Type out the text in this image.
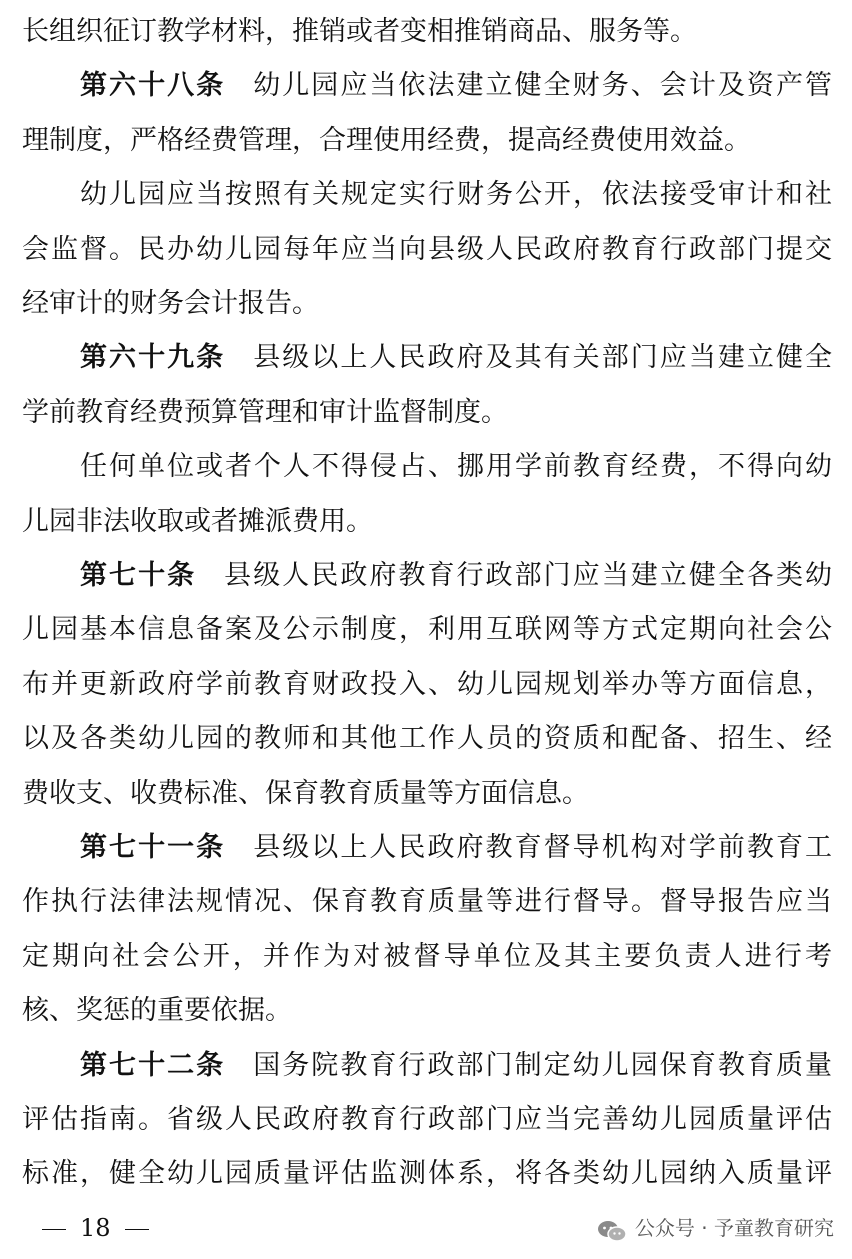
长组织征订教学材料，推销或者变相推销商品、服务等。
第六十八条 幼儿园应当依法建立健全财务、会计及资产管
理制度，严格经费管理，合理使用经费，提高经费使用效益。
幼儿园应当按照有关规定实行财务公开，依法接受审计和社
会监督。民办幼儿园每年应当向县级人民政府教育行政部门提交
经审计的财务会计报告。
第六十九条 县级以上人民政府及其有关部门应当建立健全
学前教育经费预算管理和审计监督制度。
任何单位或者个人不得侵占、挪用学前教育经费，不得向幼
儿园非法收取或者摊派费用。
第七十条 县级人民政府教育行政部门应当建立健全各类幼
儿园基本信息备案及公示制度，利用互联网等方式定期向社会公
布并更新政府学前教育财政投入、幼儿园规划举办等方面信息，
以及各类幼儿园的教师和其他工作人员的资质和配备、招生、经
费收支、收费标准、保育教育质量等方面信息。
第七十一条 县级以上人民政府教育督导机构对学前教育工
作执行法律法规情况、保育教育质量等进行督导。督导报告应当
定期向社会公开，并作为对被督导单位及其主要负责人进行考
核、奖惩的重要依据。
第七十二条 国务院教育行政部门制定幼儿园保育教育质量
评估指南。省级人民政府教育行政部门应当完善幼儿园质量评估
标准，健全幼儿园质量评估监测体系，将各类幼儿园纳入质量评
18	公众号 · 予童教育研究
